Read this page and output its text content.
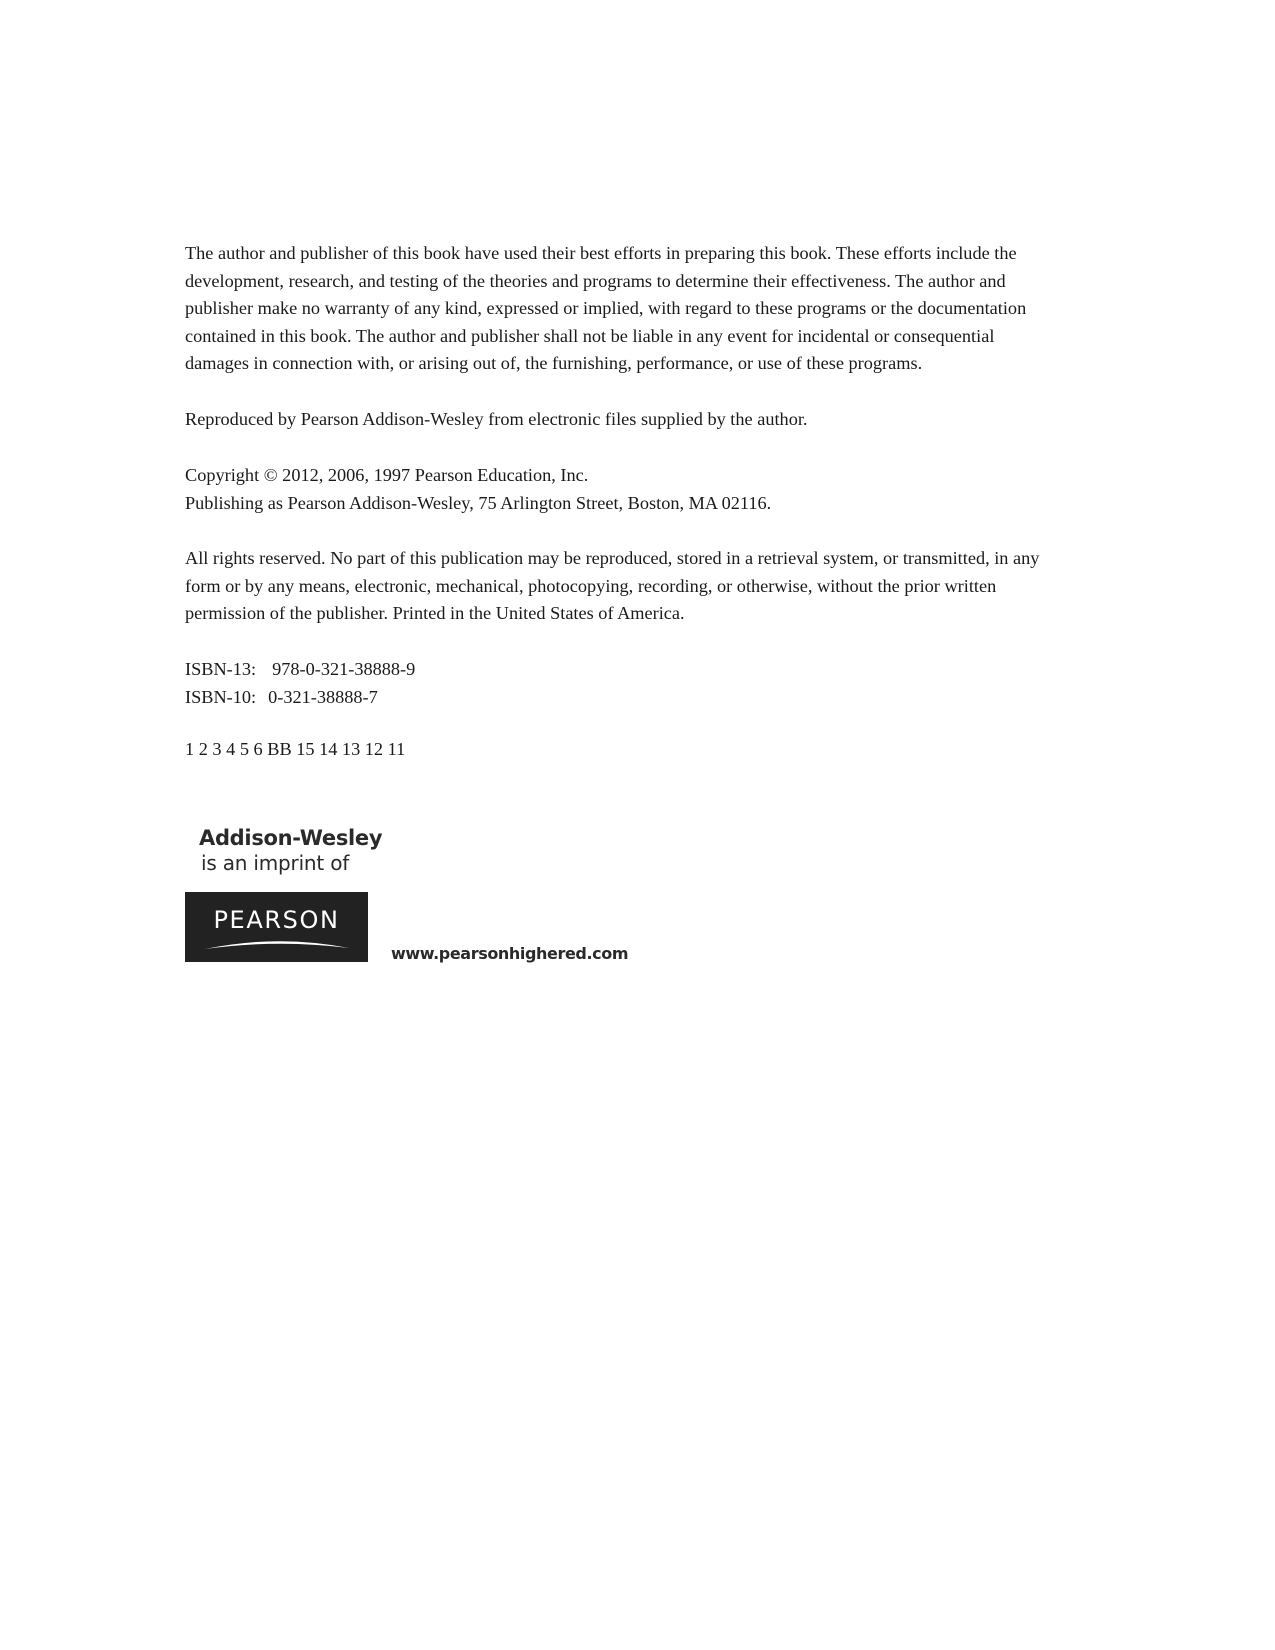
The author and publisher of this book have used their best efforts in preparing this book. These efforts include the
development, research, and testing of the theories and programs to determine their effectiveness. The author and
publisher make no warranty of any kind, expressed or implied, with regard to these programs or the documentation
contained in this book. The author and publisher shall not be liable in any event for incidental or consequential
damages in connection with, or arising out of, the furnishing, performance, or use of these programs.

Reproduced by Pearson Addison-Wesley from electronic files supplied by the author.

Copyright © 2012, 2006, 1997 Pearson Education, Inc.
Publishing as Pearson Addison-Wesley, 75 Arlington Street, Boston, MA 02116.

All rights reserved. No part of this publication may be reproduced, stored in a retrieval system, or transmitted, in any
form or by any means, electronic, mechanical, photocopying, recording, or otherwise, without the prior written
permission of the publisher. Printed in the United States of America.

ISBN-13: 978-0-321-38888-9
ISBN-10: 0-321-38888-7

1 2 3 4 5 6 BB 15 14 13 12 11

Addison-Wesley
is an imprint of
PEARSON
www.pearsonhighered.com
